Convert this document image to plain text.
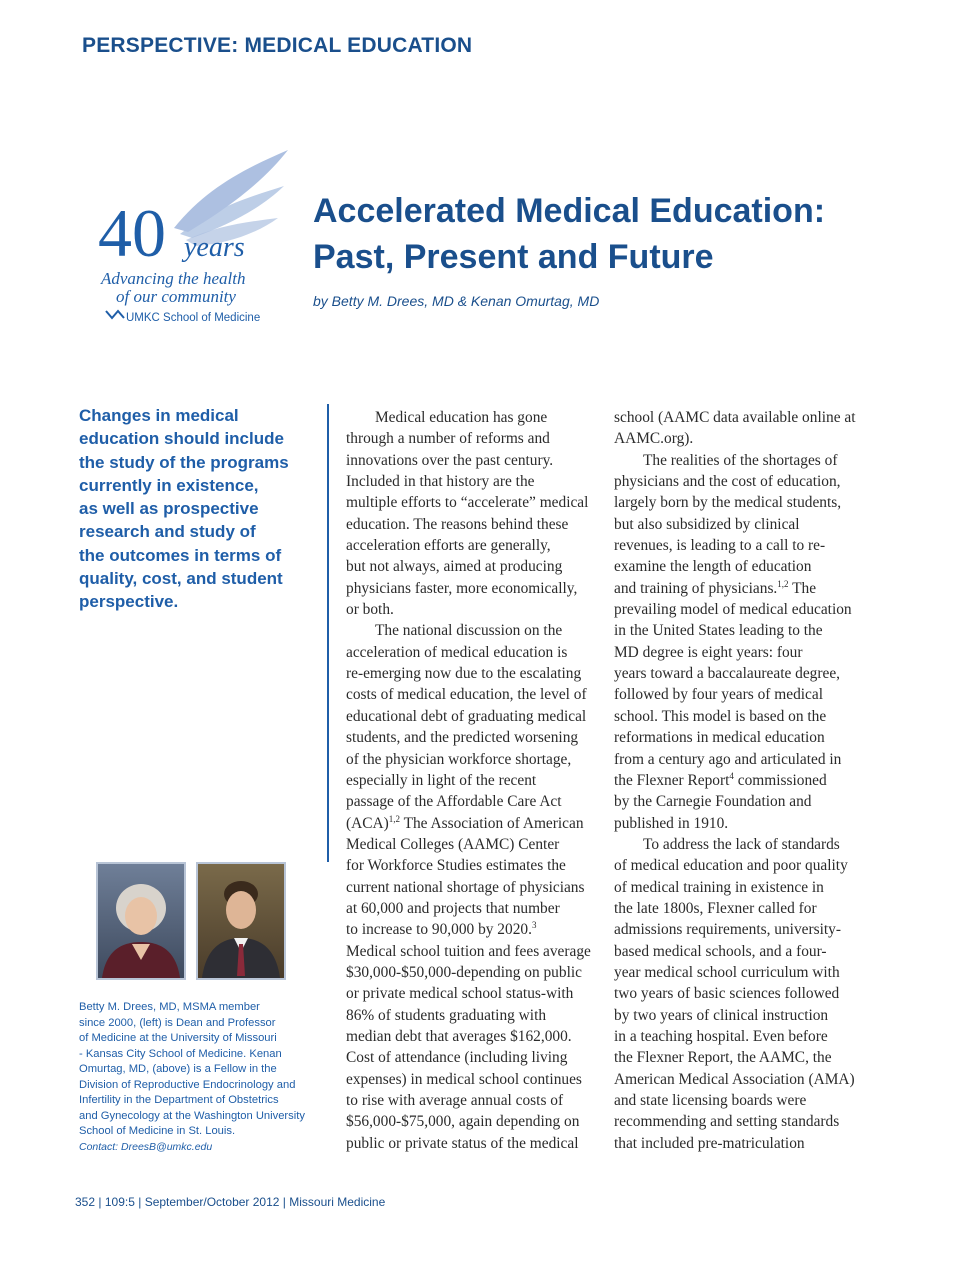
PERSPECTIVE: MEDICAL EDUCATION
40 years
Advancing the health
of our community
UMKC School of Medicine
Accelerated Medical Education:
Past, Present and Future
by Betty M. Drees, MD & Kenan Omurtag, MD
Changes in medical
education should include
the study of the programs
currently in existence,
as well as prospective
research and study of
the outcomes in terms of
quality, cost, and student
perspective.
Betty M. Drees, MD, MSMA member
since 2000, (left) is Dean and Professor
of Medicine at the University of Missouri
- Kansas City School of Medicine. Kenan
Omurtag, MD, (above) is a Fellow in the
Division of Reproductive Endocrinology and
Infertility in the Department of Obstetrics
and Gynecology at the Washington University
School of Medicine in St. Louis.
Contact: DreesB@umkc.edu
Medical education has gone
through a number of reforms and
innovations over the past century.
Included in that history are the
multiple efforts to “accelerate” medical
education. The reasons behind these
acceleration efforts are generally,
but not always, aimed at producing
physicians faster, more economically,
or both.
The national discussion on the
acceleration of medical education is
re-emerging now due to the escalating
costs of medical education, the level of
educational debt of graduating medical
students, and the predicted worsening
of the physician workforce shortage,
especially in light of the recent
passage of the Affordable Care Act
(ACA)$^{1,2}$ The Association of American
Medical Colleges (AAMC) Center
for Workforce Studies estimates the
current national shortage of physicians
at 60,000 and projects that number
to increase to 90,000 by 2020.$^3$
Medical school tuition and fees average
$30,000-$50,000-depending on public
or private medical school status-with
86% of students graduating with
median debt that averages $162,000.
Cost of attendance (including living
expenses) in medical school continues
to rise with average annual costs of
$56,000-$75,000, again depending on
public or private status of the medical
school (AAMC data available online at
AAMC.org).
The realities of the shortages of
physicians and the cost of education,
largely born by the medical students,
but also subsidized by clinical
revenues, is leading to a call to re-
examine the length of education
and training of physicians.$^{1,2}$ The
prevailing model of medical education
in the United States leading to the
MD degree is eight years: four
years toward a baccalaureate degree,
followed by four years of medical
school. This model is based on the
reformations in medical education
from a century ago and articulated in
the Flexner Report$^4$ commissioned
by the Carnegie Foundation and
published in 1910.
To address the lack of standards
of medical education and poor quality
of medical training in existence in
the late 1800s, Flexner called for
admissions requirements, university-
based medical schools, and a four-
year medical school curriculum with
two years of basic sciences followed
by two years of clinical instruction
in a teaching hospital. Even before
the Flexner Report, the AAMC, the
American Medical Association (AMA)
and state licensing boards were
recommending and setting standards
that included pre-matriculation
352 | 109:5 | September/October 2012 | Missouri Medicine
